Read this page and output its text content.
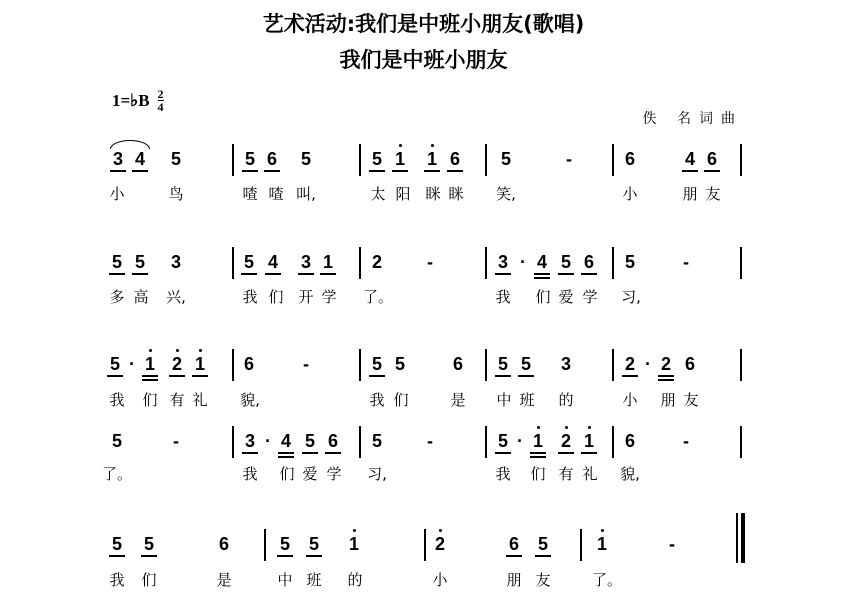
艺术活动:我们是中班小朋友(歌唱)
我们是中班小朋友
1=♭B $\frac{2}{4}$
佚 名词曲
3 4 5	5 6 5	5 1 1 6 5	-	6	4 6
小	鸟	喳 喳 叫,	太 阳 眯 眯 笑,	小	朋 友
5 5 3	5 4 3 1 2 -	3 · 4 5 6 5	-
多 高 兴,	我 们 开 学 了。	我 们 爱 学 习,
5 · 1 2 1 6	-	5 5	6 5 5 3	2 · 2 6
我 们 有 礼 貌,	我 们	是 中 班 的	小 朋 友
5	-	3 · 4 5 6 5 -	5 · 1 2 1 6	-
了。	我 们 爱 学 习,	我 们 有 礼 貌,
5 5	6	5 5 1	2	6 5	1	-
我 们	是	中 班 的	小	朋 友	了。
